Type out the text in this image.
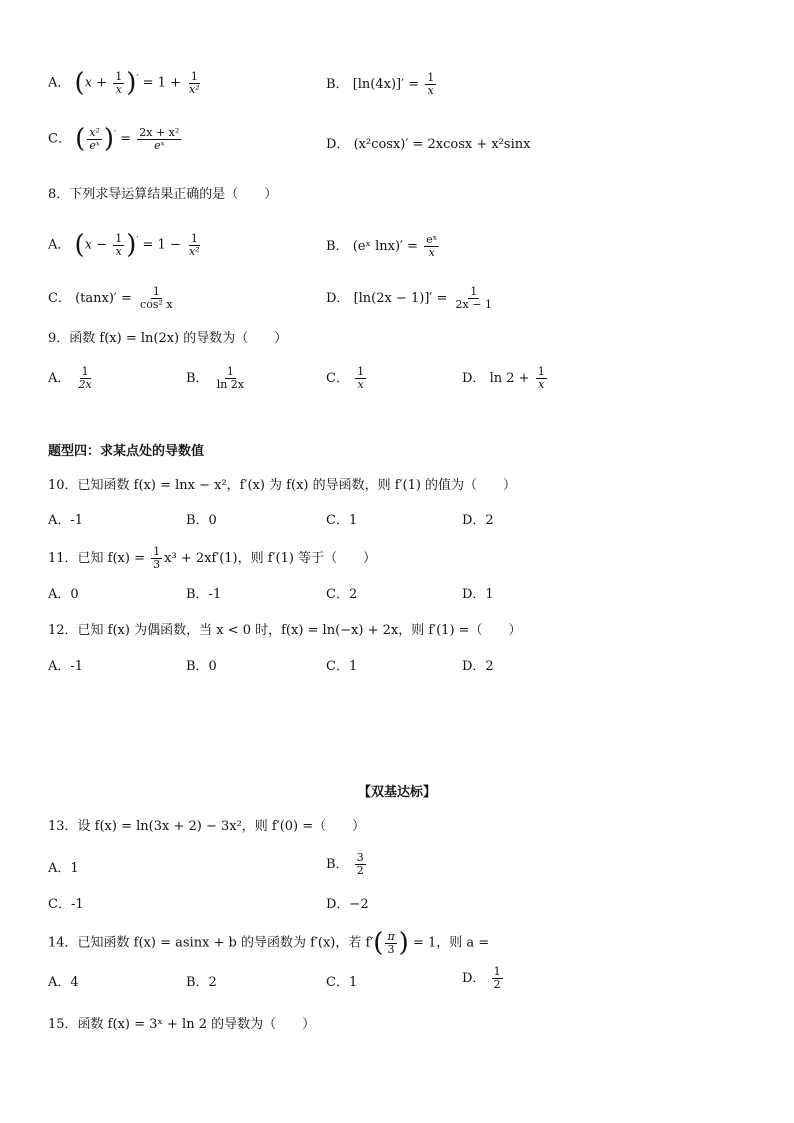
A． $(x + \frac{1}{x} )' = 1 + \frac{1}{\text{x²}}$	B． $[\ln(4x)]' = \frac{1}{x}$
C． ( $\frac{\text{x²}}{\text{eˣ}} )' = \frac{\text{2x + x²}}{\text{eˣ}}$	D． (x²cosx)′ = 2xcosx + x²sinx
8．下列求导运算结果正确的是（　　）
A． $(x - \frac{1}{x} )' = 1 - \frac{1}{\text{x²}}$	B． (eˣ $\ln x)' = \frac{\text{eˣ}}{x}$
C． $(\tan x)' = \frac{1}{\text{cos² x}}$	D． $[\ln(2x - 1)]' = \frac{1}{2x - 1}$
9．函数 f(x) = ln(2x) 的导数为（　　）
A． $\frac{1}{2x}$	B． $\frac{1}{\ln 2x}$	C． $\frac{1}{x}$	D． $\ln 2 + \frac{1}{x}$
题型四：求某点处的导数值
10．已知函数 f(x) = lnx − x²，f′(x) 为 f(x) 的导函数，则 f′(1) 的值为（　　）
A．-1	B．0	C．1	D．2
11．已知 $f(x) = \frac{1}{3} x^3 + 2xf'(1)$，则 f′(1) 等于（　　）
A．0	B．-1	C．2	D．1
12．已知 f(x) 为偶函数，当 x < 0 时，f(x) = ln(−x) + 2x，则 f′(1) =（　　）
A．-1	B．0	C．1	D．2
【双基达标】
13．设 f(x) = ln(3x + 2) − 3x²，则 f′(0) =（　　）
A．1	B． $\frac{3}{2}$
C．-1	D．−2
14．已知函数 f(x) = asinx + b 的导函数为 f′(x)，若 $f'( \frac{\pi}{3}$ ) = 1，则 a =
A．4	B．2	C．1	D． $\frac{1}{2}$
15．函数 f(x) = 3ˣ + ln 2 的导数为（　　）
